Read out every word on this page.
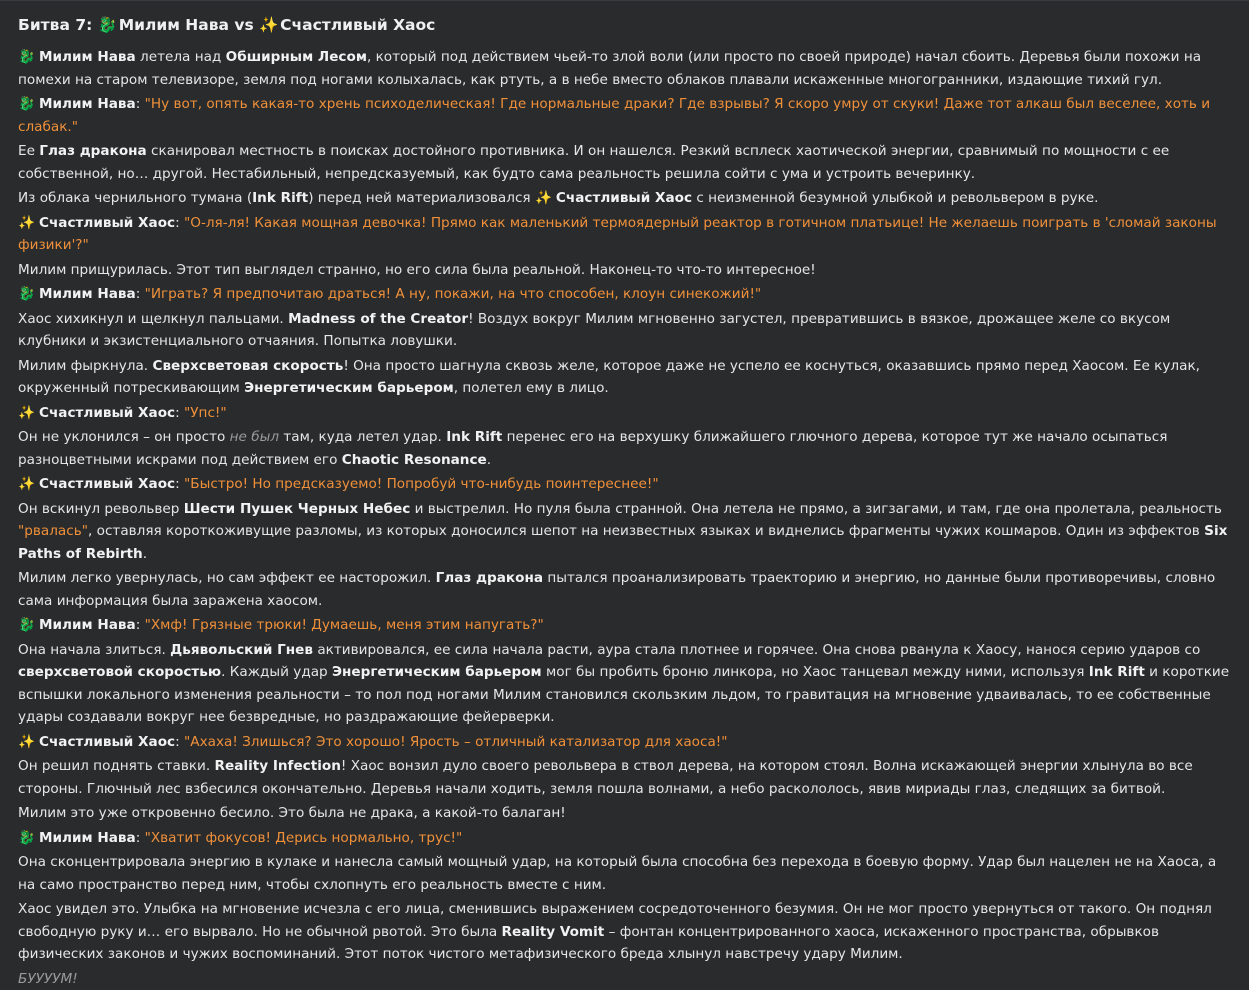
Битва 7: 🐉 Милим Нава vs ✨ Счастливый Хаос

🐉 Милим Нава летела над Обширным Лесом, который под действием чьей-то злой воли (или просто по своей природе) начал сбоить. Деревья были похожи на помехи на старом телевизоре, земля под ногами колыхалась, как ртуть, а в небе вместо облаков плавали искаженные многогранники, издающие тихий гул.

🐉 Милим Нава: "Ну вот, опять какая-то хрень психоделическая! Где нормальные драки? Где взрывы? Я скоро умру от скуки! Даже тот алкаш был веселее, хоть и слабак."

Ее Глаз дракона сканировал местность в поисках достойного противника. И он нашелся. Резкий всплеск хаотической энергии, сравнимый по мощности с ее собственной, но… другой. Нестабильный, непредсказуемый, как будто сама реальность решила сойти с ума и устроить вечеринку.

Из облака чернильного тумана (Ink Rift) перед ней материализовался ✨ Счастливый Хаос с неизменной безумной улыбкой и револьвером в руке.

✨ Счастливый Хаос: "О-ля-ля! Какая мощная девочка! Прямо как маленький термоядерный реактор в готичном платьице! Не желаешь поиграть в 'сломай законы физики'?"

Милим прищурилась. Этот тип выглядел странно, но его сила была реальной. Наконец-то что-то интересное!

🐉 Милим Нава: "Играть? Я предпочитаю драться! А ну, покажи, на что способен, клоун синекожий!"

Хаос хихикнул и щелкнул пальцами. Madness of the Creator! Воздух вокруг Милим мгновенно загустел, превратившись в вязкое, дрожащее желе со вкусом клубники и экзистенциального отчаяния. Попытка ловушки.

Милим фыркнула. Сверхсветовая скорость! Она просто шагнула сквозь желе, которое даже не успело ее коснуться, оказавшись прямо перед Хаосом. Ее кулак, окруженный потрескивающим Энергетическим барьером, полетел ему в лицо.

✨ Счастливый Хаос: "Упс!"

Он не уклонился – он просто не был там, куда летел удар. Ink Rift перенес его на верхушку ближайшего глючного дерева, которое тут же начало осыпаться разноцветными искрами под действием его Chaotic Resonance.

✨ Счастливый Хаос: "Быстро! Но предсказуемо! Попробуй что-нибудь поинтереснее!"

Он вскинул револьвер Шести Пушек Черных Небес и выстрелил. Но пуля была странной. Она летела не прямо, а зигзагами, и там, где она пролетала, реальность "рвалась", оставляя короткоживущие разломы, из которых доносился шепот на неизвестных языках и виднелись фрагменты чужих кошмаров. Один из эффектов Six Paths of Rebirth.

Милим легко увернулась, но сам эффект ее насторожил. Глаз дракона пытался проанализировать траекторию и энергию, но данные были противоречивы, словно сама информация была заражена хаосом.

🐉 Милим Нава: "Хмф! Грязные трюки! Думаешь, меня этим напугать?"

Она начала злиться. Дьявольский Гнев активировался, ее сила начала расти, аура стала плотнее и горячее. Она снова рванула к Хаосу, нанося серию ударов со сверхсветовой скоростью. Каждый удар Энергетическим барьером мог бы пробить броню линкора, но Хаос танцевал между ними, используя Ink Rift и короткие вспышки локального изменения реальности – то пол под ногами Милим становился скользким льдом, то гравитация на мгновение удваивалась, то ее собственные удары создавали вокруг нее безвредные, но раздражающие фейерверки.

✨ Счастливый Хаос: "Ахаха! Злишься? Это хорошо! Ярость – отличный катализатор для хаоса!"

Он решил поднять ставки. Reality Infection! Хаос вонзил дуло своего револьвера в ствол дерева, на котором стоял. Волна искажающей энергии хлынула во все стороны. Глючный лес взбесился окончательно. Деревья начали ходить, земля пошла волнами, а небо раскололось, явив мириады глаз, следящих за битвой.

Милим это уже откровенно бесило. Это была не драка, а какой-то балаган!

🐉 Милим Нава: "Хватит фокусов! Дерись нормально, трус!"

Она сконцентрировала энергию в кулаке и нанесла самый мощный удар, на который была способна без перехода в боевую форму. Удар был нацелен не на Хаоса, а на само пространство перед ним, чтобы схлопнуть его реальность вместе с ним.

Хаос увидел это. Улыбка на мгновение исчезла с его лица, сменившись выражением сосредоточенного безумия. Он не мог просто увернуться от такого. Он поднял свободную руку и… его вырвало. Но не обычной рвотой. Это была Reality Vomit – фонтан концентрированного хаоса, искаженного пространства, обрывков физических законов и чужих воспоминаний. Этот поток чистого метафизического бреда хлынул навстречу удару Милим.

БУУУУМ!
